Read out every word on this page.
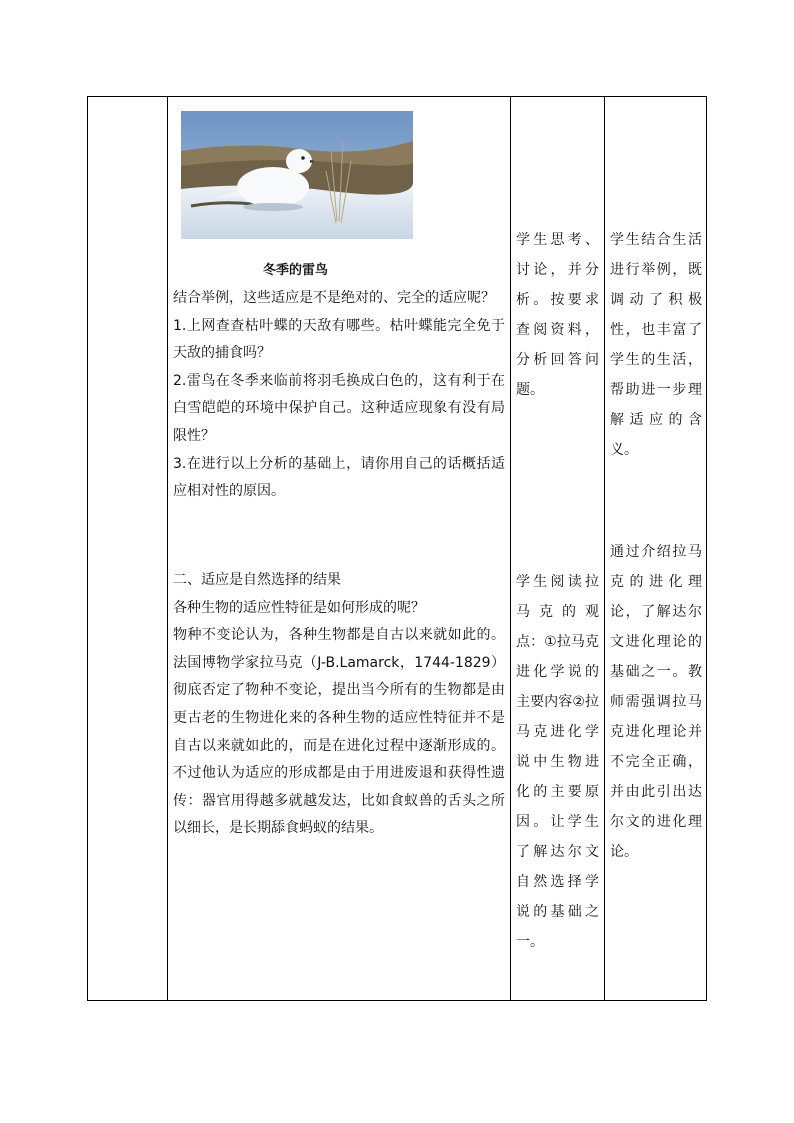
冬季的雷鸟

结合举例，这些适应是不是绝对的、完全的适应呢？

1.上网查查枯叶蝶的天敌有哪些。枯叶蝶能完全免于天敌的捕食吗？

2.雷鸟在冬季来临前将羽毛换成白色的，这有利于在白雪皑皑的环境中保护自己。这种适应现象有没有局限性？

3.在进行以上分析的基础上，请你用自己的话概括适应相对性的原因。

二、适应是自然选择的结果

各种生物的适应性特征是如何形成的呢？

物种不变论认为，各种生物都是自古以来就如此的。法国博物学家拉马克（J-B.Lamarck，1744-1829）彻底否定了物种不变论，提出当今所有的生物都是由更古老的生物进化来的各种生物的适应性特征并不是自古以来就如此的，而是在进化过程中逐渐形成的。不过他认为适应的形成都是由于用进废退和获得性遗传：器官用得越多就越发达，比如食蚁兽的舌头之所以细长，是长期舔食蚂蚁的结果。

学生思考、讨论，并分析。按要求查阅资料，分析回答问题。
学生阅读拉马克的观点：①拉马克进化学说的主要内容②拉马克进化学说中生物进化的主要原因。让学生了解达尔文自然选择学说的基础之一。
学生结合生活进行举例，既调动了积极性，也丰富了学生的生活，帮助进一步理解适应的含义。
通过介绍拉马克的进化理论，了解达尔文进化理论的基础之一。教师需强调拉马克进化理论并不完全正确，并由此引出达尔文的进化理论。
